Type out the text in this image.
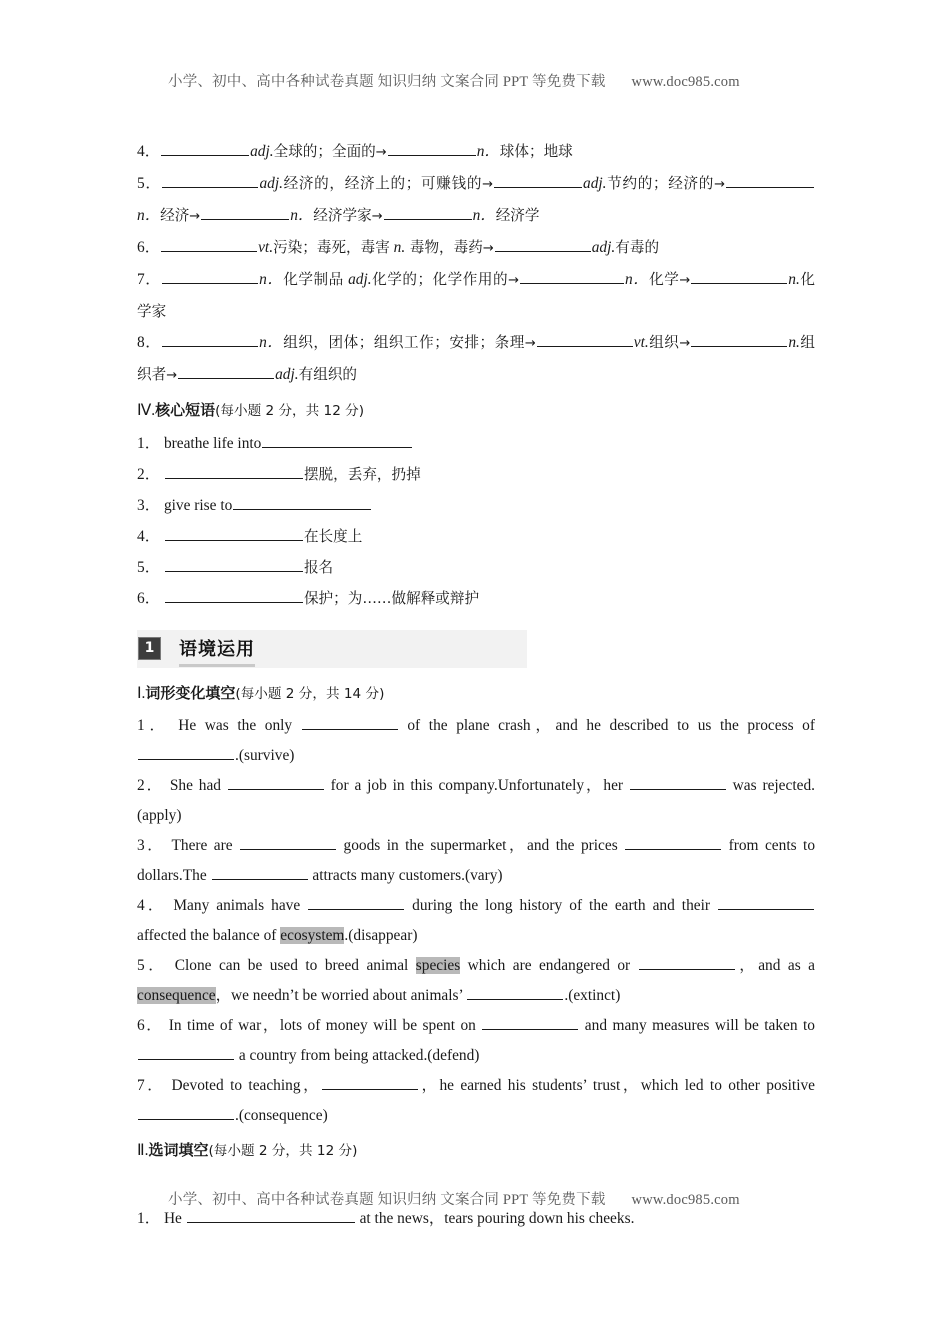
小学、初中、高中各种试卷真题 知识归纳 文案合同 PPT 等免费下载 www.doc985.com
4．	adj.全球的；全面的→	n．球体；地球
5．	adj.经济的，经济上的；可赚钱的→	adj.节约的；经济的→n．经济→	n．经济学家→	n．经济学
6．	vt.污染；毒死，毒害 n. 毒物，毒药→	adj.有毒的
7．	n．化学制品 adj.化学的；化学作用的→	n．化学→	n.化学家
8．	n．组织，团体；组织工作；安排；条理→	vt.组织→	n.组织者→	adj.有组织的
Ⅳ.核心短语(每小题 2 分，共 12 分)
1． breathe life into
2．	摆脱，丢弃，扔掉
3． give rise to
4．	在长度上
5．	报名
6．	保护；为……做解释或辩护
1	语境运用
Ⅰ.词形变化填空(每小题 2 分，共 14 分)
1． He was the only	of the plane crash，and he described to us the process of .(survive)
2． She had	for a job in this company.Unfortunately，her	was rejected.(apply)
3． There are	goods in the supermarket，and the prices	from cents to dollars.The	attracts many customers.(vary)
4． Many animals have	during the long history of the earth and their  affected the balance of ecosystem.(disappear)
5． Clone can be used to breed animal species which are endangered or	，and as a consequence，we needn’t be worried about animals’	.(extinct)
6． In time of war，lots of money will be spent on	and many measures will be taken to  a country from being attacked.(defend)
7． Devoted to teaching，	，he earned his students’ trust，which led to other positive .(consequence)
Ⅱ.选词填空(每小题 2 分，共 12 分)
1． He	at the news，tears pouring down his cheeks.
小学、初中、高中各种试卷真题 知识归纳 文案合同 PPT 等免费下载 www.doc985.com
